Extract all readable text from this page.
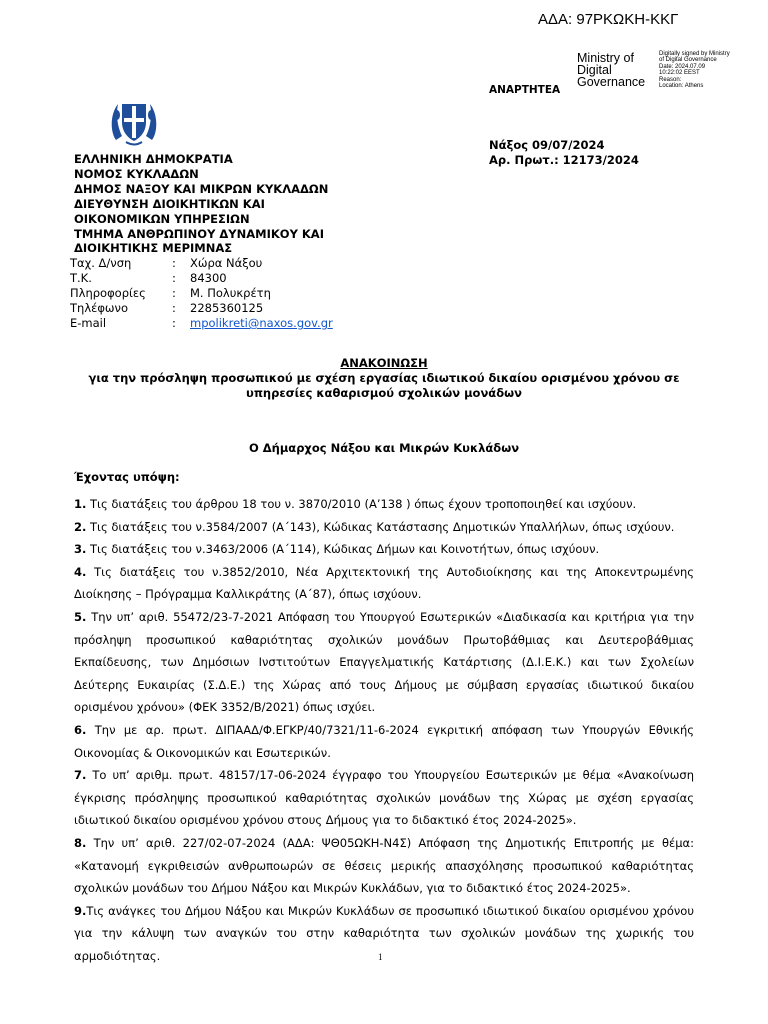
ΑΔΑ: 97ΡΚΩΚΗ-ΚΚΓ
Ministry of
Digital
Governance
Digitally signed by Ministry
of Digital Governance
Date: 2024.07.09
10:22:02 EEST
Reason:
Location: Athens
ΑΝΑΡΤΗΤΕΑ
Νάξος 09/07/2024
Αρ. Πρωτ.: 12173/2024
ΕΛΛΗΝΙΚΗ ΔΗΜΟΚΡΑΤΙΑ
ΝΟΜΟΣ ΚΥΚΛΑΔΩΝ
ΔΗΜΟΣ ΝΑΞΟΥ ΚΑΙ ΜΙΚΡΩΝ ΚΥΚΛΑΔΩΝ
ΔΙΕΥΘΥΝΣΗ ΔΙΟΙΚΗΤΙΚΩΝ ΚΑΙ
ΟΙΚΟΝΟΜΙΚΩΝ ΥΠΗΡΕΣΙΩΝ
ΤΜΗΜΑ ΑΝΘΡΩΠΙΝΟΥ ΔΥΝΑΜΙΚΟΥ ΚΑΙ
ΔΙΟΙΚΗΤΙΚΗΣ ΜΕΡΙΜΝΑΣ
Ταχ. Δ/νση	:	Χώρα Νάξου
Τ.Κ.	:	84300
Πληροφορίες	:	Μ. Πολυκρέτη
Τηλέφωνο	:	2285360125
E-mail	:	mpolikreti@naxos.gov.gr
ΑΝΑΚΟΙΝΩΣΗ
για την πρόσληψη προσωπικού με σχέση εργασίας ιδιωτικού δικαίου ορισμένου χρόνου σε
υπηρεσίες καθαρισμού σχολικών μονάδων
Ο Δήμαρχος Νάξου και Μικρών Κυκλάδων
Έχοντας υπόψη:

1. Τις διατάξεις του άρθρου 18 του ν. 3870/2010 (Α’138 ) όπως έχουν τροποποιηθεί και ισχύουν.

2. Τις διατάξεις του ν.3584/2007 (Α΄143), Κώδικας Κατάστασης Δημοτικών Υπαλλήλων, όπως ισχύουν.

3. Τις διατάξεις του ν.3463/2006 (Α΄114), Κώδικας Δήμων και Κοινοτήτων, όπως ισχύουν.

4. Τις διατάξεις του ν.3852/2010, Νέα Αρχιτεκτονική της Αυτοδιοίκησης και της Αποκεντρωμένης Διοίκησης – Πρόγραμμα Καλλικράτης (Α΄87), όπως ισχύουν.

5. Την υπ’ αριθ. 55472/23-7-2021 Απόφαση του Υπουργού Εσωτερικών «Διαδικασία και κριτήρια για την πρόσληψη προσωπικού καθαριότητας σχολικών μονάδων Πρωτοβάθμιας και Δευτεροβάθμιας Εκπαίδευσης, των Δημόσιων Ινστιτούτων Επαγγελματικής Κατάρτισης (Δ.Ι.Ε.Κ.) και των Σχολείων Δεύτερης Ευκαιρίας (Σ.Δ.Ε.) της Χώρας από τους Δήμους με σύμβαση εργασίας ιδιωτικού δικαίου ορισμένου χρόνου» (ΦΕΚ 3352/Β/2021) όπως ισχύει.

6. Την με αρ. πρωτ. ΔΙΠΑΑΔ/Φ.ΕΓΚΡ/40/7321/11-6-2024 εγκριτική απόφαση των Υπουργών Εθνικής Οικονομίας & Οικονομικών και Εσωτερικών.

7. Το υπ’ αριθμ. πρωτ. 48157/17-06-2024 έγγραφο του Υπουργείου Εσωτερικών με θέμα «Ανακοίνωση έγκρισης πρόσληψης προσωπικού καθαριότητας σχολικών μονάδων της Χώρας με σχέση εργασίας ιδιωτικού δικαίου ορισμένου χρόνου στους Δήμους για το διδακτικό έτος 2024-2025».

8. Την υπ’ αριθ. 227/02-07-2024 (ΑΔΑ: ΨΘ05ΩΚΗ-Ν4Σ) Απόφαση της Δημοτικής Επιτροπής με θέμα: «Κατανομή εγκριθεισών ανθρωποωρών σε θέσεις μερικής απασχόλησης προσωπικού καθαριότητας σχολικών μονάδων του Δήμου Νάξου και Μικρών Κυκλάδων, για το διδακτικό έτος 2024-2025».

9.Τις ανάγκες του Δήμου Νάξου και Μικρών Κυκλάδων σε προσωπικό ιδιωτικού δικαίου ορισμένου χρόνου για την κάλυψη των αναγκών του στην καθαριότητα των σχολικών μονάδων της χωρικής του αρμοδιότητας.	1
